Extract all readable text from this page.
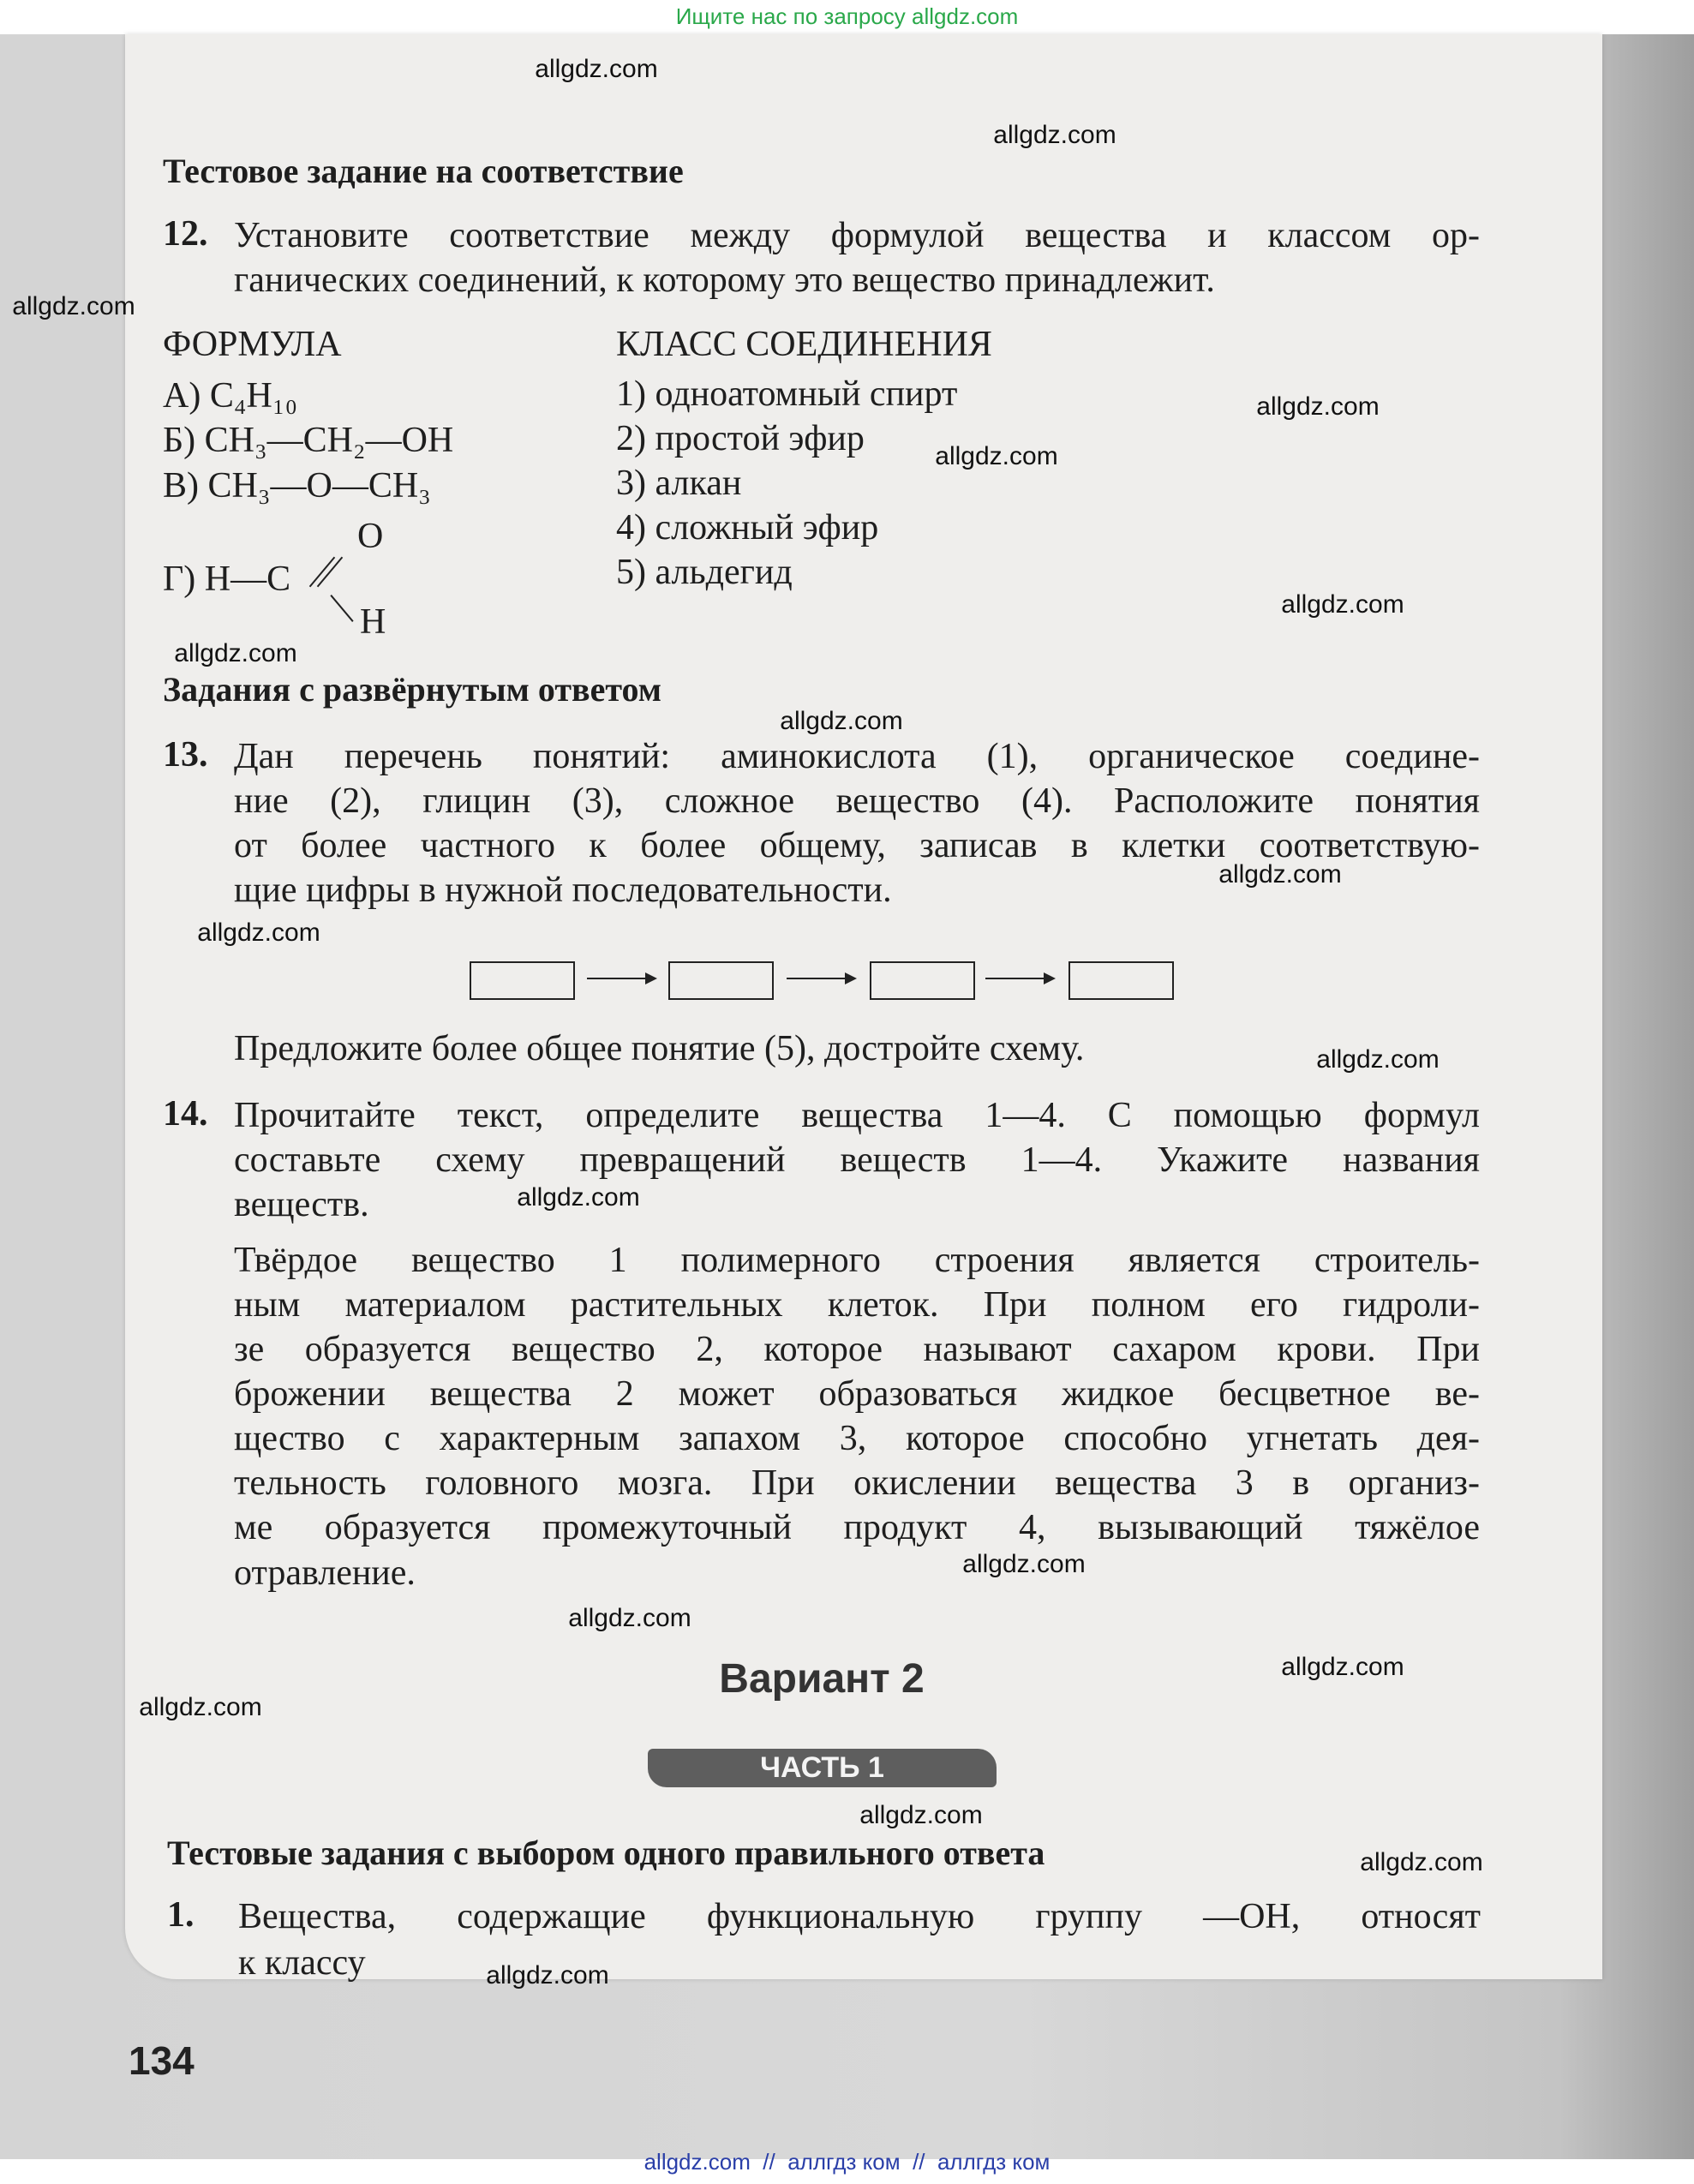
Ищите нас по запросу allgdz.com
Тестовое задание на соответствие
12. Установите соответствие между формулой вещества и классом ор-
ганических соединений, к которому это вещество принадлежит.
ФОРМУЛА	КЛАСС СОЕДИНЕНИЯ
А) C₄H₁₀
Б) CH₃—CH₂—OH
В) CH₃—O—CH₃
Г) H—C
O
H
1) одноатомный спирт
2) простой эфир
3) алкан
4) сложный эфир
5) альдегид
Задания с развёрнутым ответом
13. Дан перечень понятий: аминокислота (1), органическое соедине-
ние (2), глицин (3), сложное вещество (4). Расположите понятия
от более частного к более общему, записав в клетки соответствую-
щие цифры в нужной последовательности.
Предложите более общее понятие (5), достройте схему.
14. Прочитайте текст, определите вещества 1—4. С помощью формул
составьте схему превращений веществ 1—4. Укажите названия
веществ.
Твёрдое вещество 1 полимерного строения является строитель-
ным материалом растительных клеток. При полном его гидроли-
зе образуется вещество 2, которое называют сахаром крови. При
брожении вещества 2 может образоваться жидкое бесцветное ве-
щество с характерным запахом 3, которое способно угнетать дея-
тельность головного мозга. При окислении вещества 3 в организ-
ме образуется промежуточный продукт 4, вызывающий тяжёлое
отравление.
Вариант 2
ЧАСТЬ 1
Тестовые задания с выбором одного правильного ответа
1. Вещества, содержащие функциональную группу —OH, относят
к классу
134
allgdz.com
allgdz.com
allgdz.com
allgdz.com
allgdz.com
allgdz.com
allgdz.com
allgdz.com
allgdz.com
allgdz.com
allgdz.com
allgdz.com
allgdz.com
allgdz.com
allgdz.com
allgdz.com
allgdz.com
allgdz.com
allgdz.com
allgdz.com  //  аллгдз ком  //  аллгдз ком
